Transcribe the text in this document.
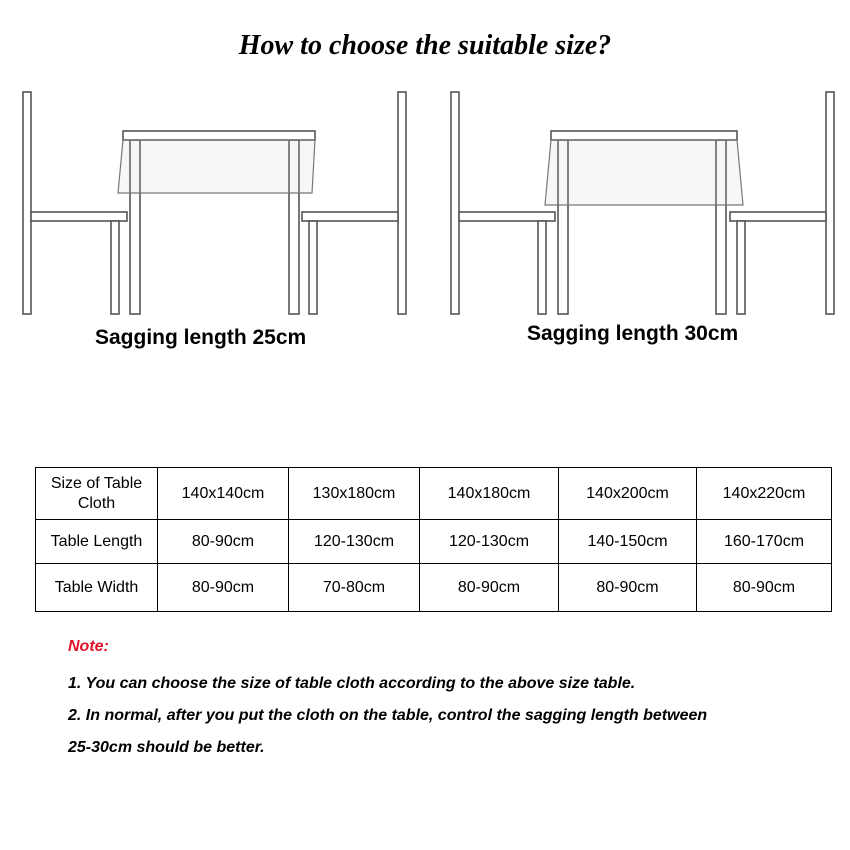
How to choose the suitable size?
Sagging length 25cm	Sagging length 30cm
Size of Table Cloth	140x140cm	130x180cm	140x180cm	140x200cm	140x220cm
Table Length	80-90cm	120-130cm	120-130cm	140-150cm	160-170cm
Table Width	80-90cm	70-80cm	80-90cm	80-90cm	80-90cm
Note:
1. You can choose the size of table cloth according to the above size table.
2. In normal, after you put the cloth on the table, control the sagging length between
25-30cm should be better.
